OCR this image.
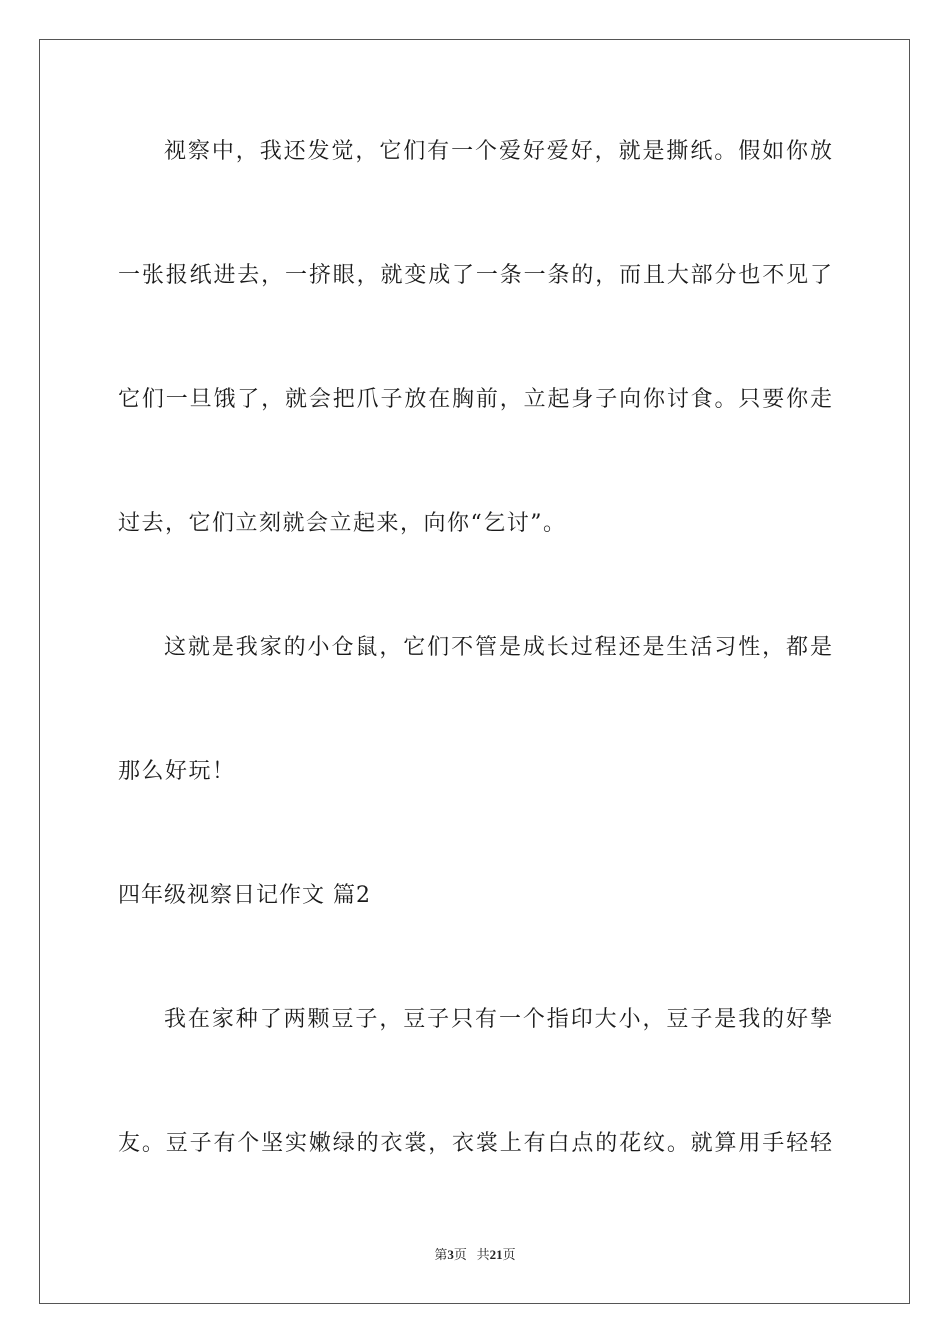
视察中，我还发觉，它们有一个爱好爱好，就是撕纸。假如你放
一张报纸进去，一挤眼，就变成了一条一条的，而且大部分也不见了
它们一旦饿了，就会把爪子放在胸前，立起身子向你讨食。只要你走
过去，它们立刻就会立起来，向你“乞讨”。
这就是我家的小仓鼠，它们不管是成长过程还是生活习性，都是
那么好玩！
四年级视察日记作文 篇2
我在家种了两颗豆子，豆子只有一个指印大小，豆子是我的好挚
友。豆子有个坚实嫩绿的衣裳，衣裳上有白点的花纹。就算用手轻轻
第3页 共21页
